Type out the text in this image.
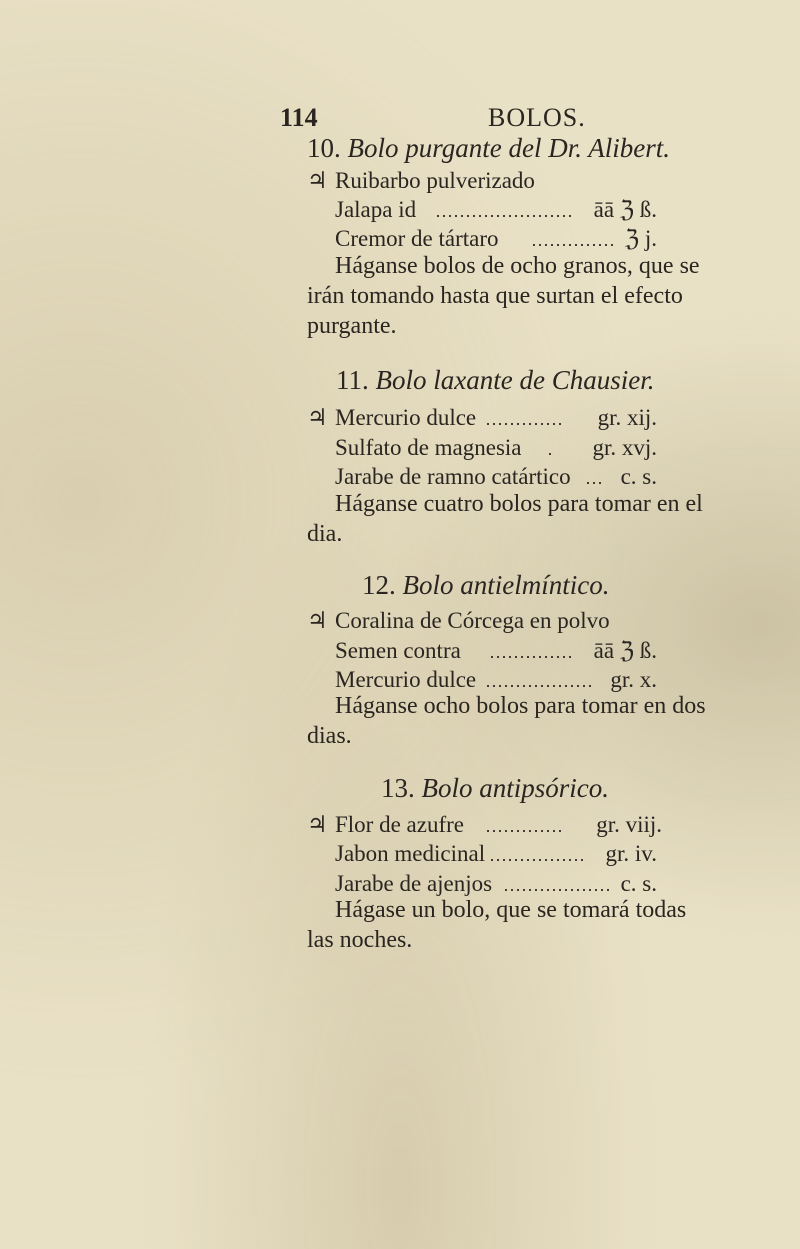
114	BOLOS.
10. Bolo purgante del Dr. Alibert.
♃ Ruibarbo pulverizado
Jalapa id	āā ℨ ß.
Cremor de tártaro	ℨ j.
Háganse bolos de ocho granos, que se
irán tomando hasta que surtan el efecto
purgante.
11. Bolo laxante de Chausier.
♃ Mercurio dulce	gr. xij.
Sulfato de magnesia	gr. xvj.
Jarabe de ramno catártico c. s.
Háganse cuatro bolos para tomar en el
dia.
12. Bolo antielmíntico.
♃ Coralina de Córcega en polvo
Semen contra	āā ℨ ß.
Mercurio dulce	gr. x.
Háganse ocho bolos para tomar en dos
dias.
13. Bolo antipsórico.
♃ Flor de azufre	gr. viij.
Jabon medicinal	gr. iv.
Jarabe de ajenjos	c. s.
Hágase un bolo, que se tomará todas
las noches.
